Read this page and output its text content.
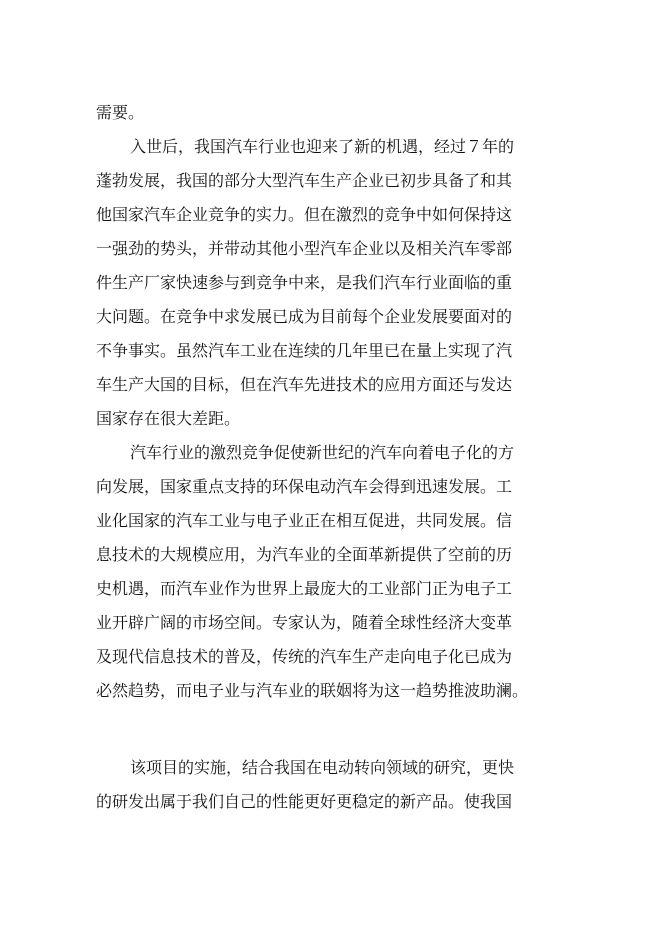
需要。
入世后，我国汽车行业也迎来了新的机遇，经过７年的
蓬勃发展，我国的部分大型汽车生产企业已初步具备了和其
他国家汽车企业竞争的实力。但在激烈的竞争中如何保持这
一强劲的势头，并带动其他小型汽车企业以及相关汽车零部
件生产厂家快速参与到竞争中来，是我们汽车行业面临的重
大问题。在竞争中求发展已成为目前每个企业发展要面对的
不争事实。虽然汽车工业在连续的几年里已在量上实现了汽
车生产大国的目标，但在汽车先进技术的应用方面还与发达
国家存在很大差距。
汽车行业的激烈竞争促使新世纪的汽车向着电子化的方
向发展，国家重点支持的环保电动汽车会得到迅速发展。工
业化国家的汽车工业与电子业正在相互促进，共同发展。信
息技术的大规模应用，为汽车业的全面革新提供了空前的历
史机遇，而汽车业作为世界上最庞大的工业部门正为电子工
业开辟广阔的市场空间。专家认为，随着全球性经济大变革
及现代信息技术的普及，传统的汽车生产走向电子化已成为
必然趋势，而电子业与汽车业的联姻将为这一趋势推波助澜。
该项目的实施，结合我国在电动转向领域的研究，更快
的研发出属于我们自己的性能更好更稳定的新产品。使我国
